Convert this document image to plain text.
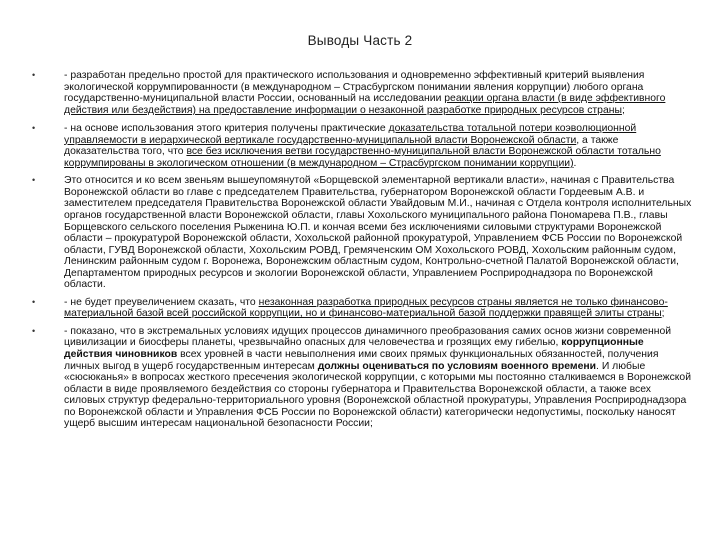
Выводы Часть 2
•	- разработан предельно простой для практического использования и одновременно эффективный критерий выявления экологической коррумпированности (в международном – Страсбургском понимании явления коррупции) любого органа государственно-муниципальной власти России, основанный на исследовании реакции органа власти (в виде эффективного действия или бездействия) на предоставление информации о незаконной разработке природных ресурсов страны;
•	- на основе использования этого критерия получены практические доказательства тотальной потери коэволюционной управляемости в иерархической вертикале государственно-муниципальной власти Воронежской области, а также доказательства того, что все без исключения ветви государственно-муниципальной власти Воронежской области тотально коррумпированы в экологическом отношении (в международном – Страсбургском понимании коррупции).
•	Это относится и ко всем звеньям вышеупомянутой «Борщевской элементарной вертикали власти», начиная с Правительства Воронежской области во главе с председателем Правительства, губернатором Воронежской области Гордеевым А.В. и заместителем председателя Правительства Воронежской области Увайдовым М.И., начиная с Отдела контроля исполнительных органов государственной власти Воронежской области, главы Хохольского муниципального района Пономарева П.В., главы Борщевского сельского поселения Рыженина Ю.П. и кончая всеми без исключениями силовыми структурами Воронежской области – прокуратурой Воронежской области, Хохольской районной прокуратурой, Управлением ФСБ России по Воронежской области, ГУВД Воронежской области, Хохольским РОВД, Гремяченским ОМ Хохольского РОВД, Хохольским районным судом, Ленинским районным судом г. Воронежа, Воронежским областным судом, Контрольно-счетной Палатой Воронежской области, Департаментом природных ресурсов и экологии Воронежской области, Управлением Росприроднадзора по Воронежской области.
•	- не будет преувеличением сказать, что незаконная разработка природных ресурсов страны является не только финансово-материальной базой всей российской коррупции, но и финансово-материальной базой поддержки правящей элиты страны;
•	- показано, что в экстремальных условиях идущих процессов динамичного преобразования самих основ жизни современной цивилизации и биосферы планеты, чрезвычайно опасных для человечества и грозящих ему гибелью, коррупционные действия чиновников всех уровней в части невыполнения ими своих прямых функциональных обязанностей, получения личных выгод в ущерб государственным интересам должны оцениваться по условиям военного времени. И любые «сюсюканья» в вопросах жесткого пресечения экологической коррупции, с которыми мы постоянно сталкиваемся в Воронежской области в виде проявляемого бездействия со стороны губернатора и Правительства Воронежской области, а также всех силовых структур федерально-территориального уровня (Воронежской областной прокуратуры, Управления Росприроднадзора по Воронежской области и Управления ФСБ России по Воронежской области) категорически недопустимы, поскольку наносят ущерб высшим интересам национальной безопасности России;
